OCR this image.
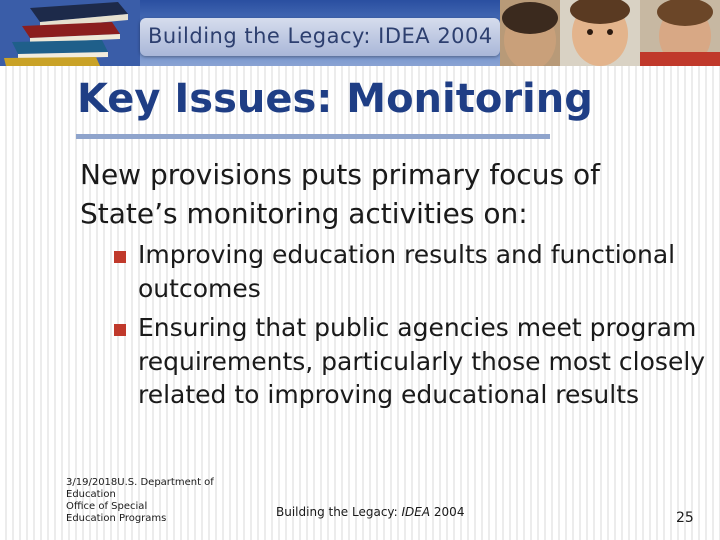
Building the Legacy: IDEA 2004
Key Issues: Monitoring

New provisions puts primary focus of State’s monitoring activities on:

Improving education results and functional outcomes
Ensuring that public agencies meet program requirements, particularly those most closely related to improving educational results
3/19/2018U.S. Department of
Education
Office of Special
Education Programs	Building the Legacy: IDEA 2004	25
